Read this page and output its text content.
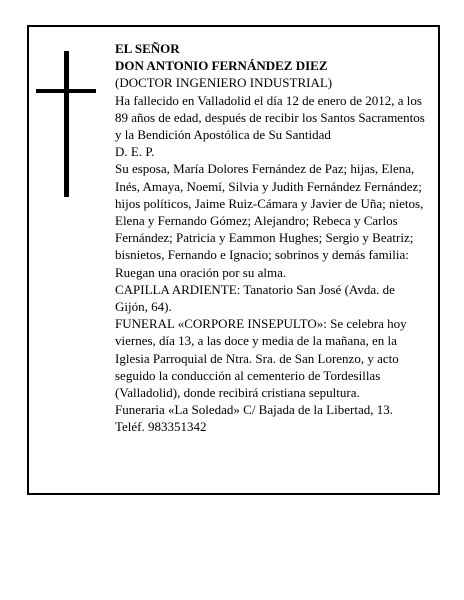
EL SEÑOR

DON ANTONIO FERNÁNDEZ DIEZ

(DOCTOR INGENIERO INDUSTRIAL)

Ha fallecido en Valladolid el día 12 de enero de 2012, a los 89 años de edad, después de recibir los Santos Sacramentos y la Bendición Apostólica de Su Santidad

D. E. P.

Su esposa, María Dolores Fernández de Paz; hijas, Elena, Inés, Amaya, Noemí, Silvia y Judith Fernández Fernández; hijos políticos, Jaime Ruiz-Cámara y Javier de Uña; nietos, Elena y Fernando Gómez; Alejandro; Rebeca y Carlos Fernández; Patricia y Eammon Hughes; Sergio y Beatriz; bisnietos, Fernando e Ignacio; sobrinos y demás familia:

Ruegan una oración por su alma.

CAPILLA ARDIENTE: Tanatorio San José (Avda. de Gijón, 64).

FUNERAL «CORPORE INSEPULTO»: Se celebra hoy viernes, día 13, a las doce y media de la mañana, en la Iglesia Parroquial de Ntra. Sra. de San Lorenzo, y acto seguido la conducción al cementerio de Tordesillas (Valladolid), donde recibirá cristiana sepultura.

Funeraria «La Soledad» C/ Bajada de la Libertad, 13. Teléf. 983351342
